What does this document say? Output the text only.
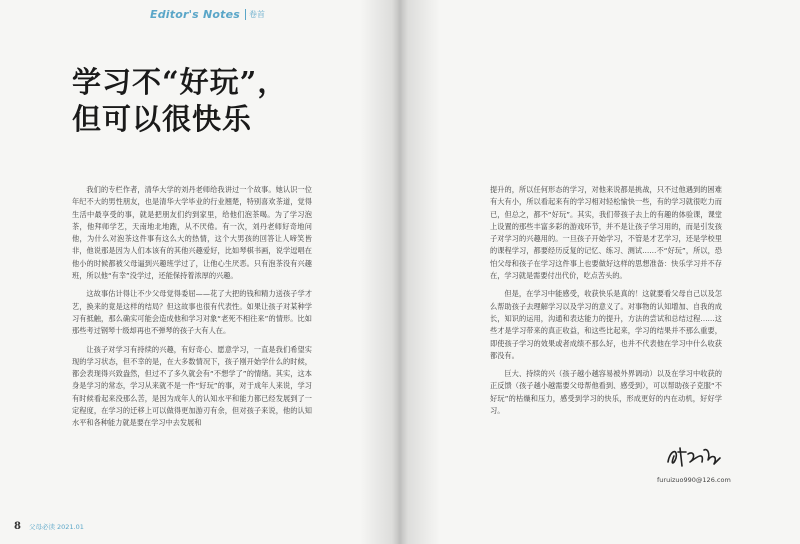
Editor's Notes	卷首
学习不“好玩”，
但可以很快乐

我们的专栏作者，清华大学的刘丹老师给我讲过一个故事。她认识一位年纪不大的男性朋友，也是清华大学毕业的行业翘楚，特别喜欢茶道，觉得生活中最享受的事，就是把朋友们约到家里，给他们泡茶喝。为了学习泡茶，他拜师学艺，天南地北地跑，从不厌倦。有一次，刘丹老师好奇地问他，为什么对泡茶这件事有这么大的热情，这个大男孩的回答让人啼笑皆非，他说那是因为人们本该有的其他兴趣爱好，比如琴棋书画，说学逗唱在他小的时候都被父母逼到兴趣班学过了，让他心生厌恶。只有泡茶没有兴趣班，所以他“有幸”没学过，还能保持着浓厚的兴趣。

这故事估计得让不少父母觉得委屈——花了大把的钱和精力送孩子学才艺，换来的竟是这样的结局？但这故事也很有代表性。如果让孩子对某种学习有抵触，那么确实可能会造成他和学习对象“老死不相往来”的情形。比如那些考过钢琴十级却再也不弹琴的孩子大有人在。

让孩子对学习有持续的兴趣，有好奇心、愿意学习，一直是我们希望实现的学习状态，但不幸的是，在大多数情况下，孩子刚开始学什么的时候，都会表现得兴致盎然，但过不了多久就会有“不想学了”的情绪。其实，这本身是学习的常态，学习从来就不是一件“好玩”的事，对于成年人来说，学习有时候看起来没那么苦，是因为成年人的认知水平和能力都已经发展到了一定程度，在学习的迁移上可以做得更加游刃有余，但对孩子来说，他的认知水平和各种能力就是要在学习中去发展和

8 父母必读 2021.01

提升的，所以任何形态的学习，对他来说都是挑战，只不过他遇到的困难有大有小，所以看起来有的学习相对轻松愉快一些，有的学习就很吃力而已，但总之，都不“好玩”。其实，我们带孩子去上的有趣的体验课，课堂上设置的那些丰富多彩的游戏环节，并不是让孩子学习用的，而是引发孩子对学习的兴趣用的。一旦孩子开始学习，不管是才艺学习，还是学校里的课程学习，都要经历反复的记忆、练习、测试……不“好玩”，所以，恐怕父母和孩子在学习这件事上也要做好这样的思想准备：快乐学习并不存在，学习就是需要付出代价，吃点苦头的。

但是，在学习中能感受，收获快乐是真的！这就要看父母自己以及怎么帮助孩子去理解学习以及学习的意义了。对事物的认知增加、自我的成长，知识的运用，沟通和表达能力的提升，方法的尝试和总结过程……这些才是学习带来的真正收益，和这些比起来，学习的结果并不那么重要，即使孩子学习的效果或者成绩不那么好，也并不代表他在学习中什么收获都没有。

巨大、持续的兴（孩子越小越容易被外界调动）以及在学习中收获的正反馈（孩子越小越需要父母帮他看到、感受到），可以帮助孩子克服“不好玩”的枯燥和压力，感受到学习的快乐，形成更好的内在动机，好好学习。

furuizuo990@126.com
